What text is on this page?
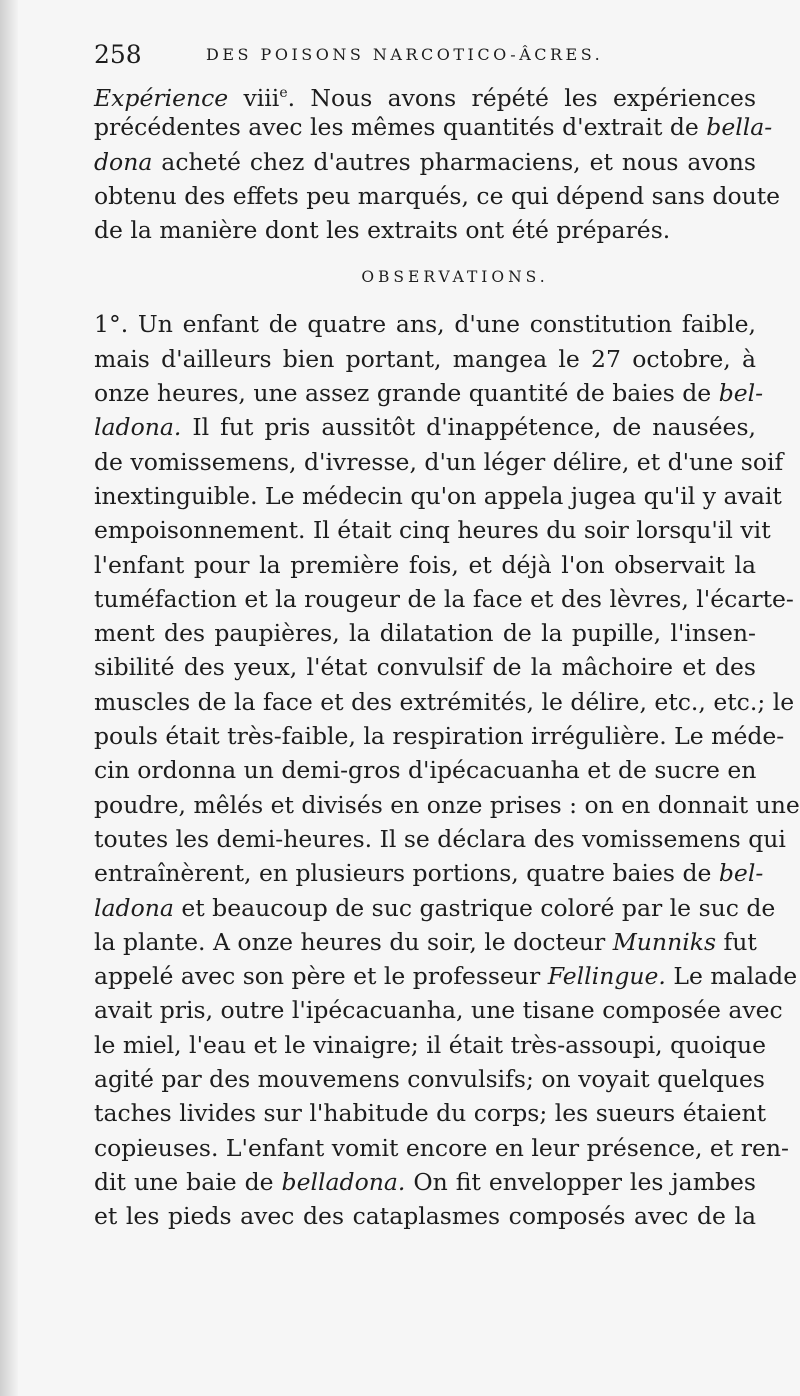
258	DES POISONS NARCOTICO-ÂCRES.
Expérience viii$^e$. Nous avons répété les expériences
précédentes avec les mêmes quantités d'extrait de bella-
dona acheté chez d'autres pharmaciens, et nous avons
obtenu des effets peu marqués, ce qui dépend sans doute
de la manière dont les extraits ont été préparés.
OBSERVATIONS.
1°. Un enfant de quatre ans, d'une constitution faible,
mais d'ailleurs bien portant, mangea le 27 octobre, à
onze heures, une assez grande quantité de baies de bel-
ladona. Il fut pris aussitôt d'inappétence, de nausées,
de vomissemens, d'ivresse, d'un léger délire, et d'une soif
inextinguible. Le médecin qu'on appela jugea qu'il y avait
empoisonnement. Il était cinq heures du soir lorsqu'il vit
l'enfant pour la première fois, et déjà l'on observait la
tuméfaction et la rougeur de la face et des lèvres, l'écarte-
ment des paupières, la dilatation de la pupille, l'insen-
sibilité des yeux, l'état convulsif de la mâchoire et des
muscles de la face et des extrémités, le délire, etc., etc.; le
pouls était très-faible, la respiration irrégulière. Le méde-
cin ordonna un demi-gros d'ipécacuanha et de sucre en
poudre, mêlés et divisés en onze prises : on en donnait une
toutes les demi-heures. Il se déclara des vomissemens qui
entraînèrent, en plusieurs portions, quatre baies de bel-
ladona et beaucoup de suc gastrique coloré par le suc de
la plante. A onze heures du soir, le docteur Munniks fut
appelé avec son père et le professeur Fellingue. Le malade
avait pris, outre l'ipécacuanha, une tisane composée avec
le miel, l'eau et le vinaigre; il était très-assoupi, quoique
agité par des mouvemens convulsifs; on voyait quelques
taches livides sur l'habitude du corps; les sueurs étaient
copieuses. L'enfant vomit encore en leur présence, et ren-
dit une baie de belladona. On fit envelopper les jambes
et les pieds avec des cataplasmes composés avec de la
